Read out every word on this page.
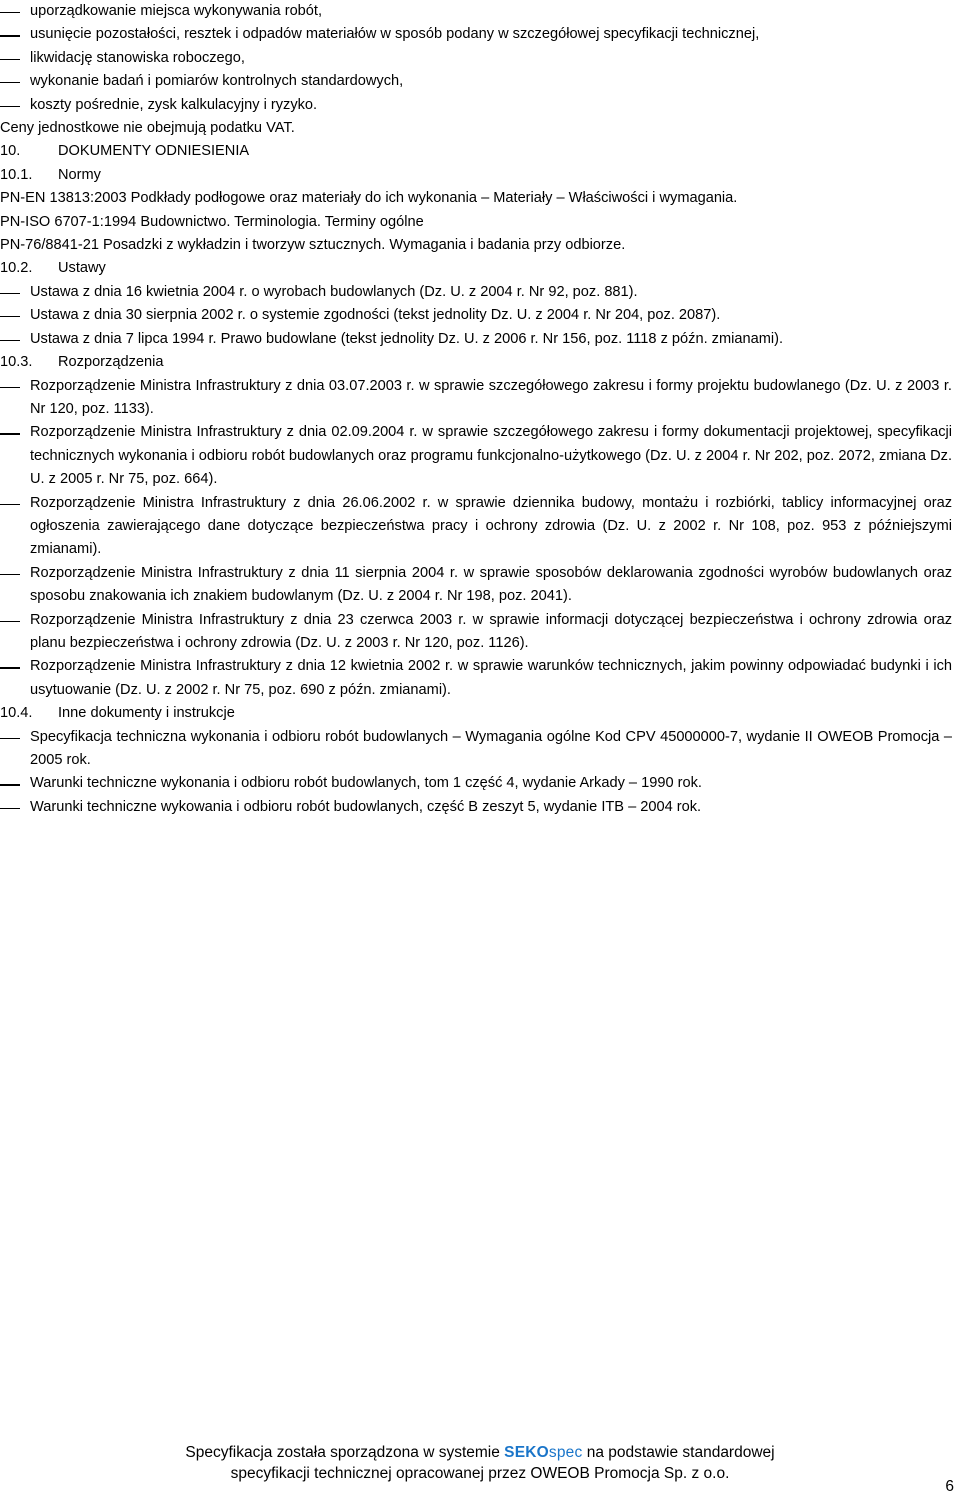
uporządkowanie miejsca wykonywania robót,
usunięcie pozostałości, resztek i odpadów materiałów w sposób podany w szczegółowej specyfikacji technicznej,
likwidację stanowiska roboczego,
wykonanie badań i pomiarów kontrolnych standardowych,
koszty pośrednie, zysk kalkulacyjny i ryzyko.
Ceny jednostkowe nie obejmują podatku VAT.
10.	DOKUMENTY ODNIESIENIA
10.1.	Normy
PN-EN 13813:2003 Podkłady podłogowe oraz materiały do ich wykonania – Materiały – Właściwości i wymagania.
PN-ISO 6707-1:1994 Budownictwo. Terminologia. Terminy ogólne
PN-76/8841-21 Posadzki z wykładzin i tworzyw sztucznych. Wymagania i badania przy odbiorze.
10.2.	Ustawy
Ustawa z dnia 16 kwietnia 2004 r. o wyrobach budowlanych (Dz. U. z 2004 r. Nr 92, poz. 881).
Ustawa z dnia 30 sierpnia 2002 r. o systemie zgodności (tekst jednolity Dz. U. z 2004 r. Nr 204, poz. 2087).
Ustawa z dnia 7 lipca 1994 r. Prawo budowlane (tekst jednolity Dz. U. z 2006 r. Nr 156, poz. 1118 z późn. zmianami).
10.3.	Rozporządzenia
Rozporządzenie Ministra Infrastruktury z dnia 03.07.2003 r. w sprawie szczegółowego zakresu i formy projektu budowlanego (Dz. U. z 2003 r. Nr 120, poz. 1133).
Rozporządzenie Ministra Infrastruktury z dnia 02.09.2004 r. w sprawie szczegółowego zakresu i formy dokumentacji projektowej, specyfikacji technicznych wykonania i odbioru robót budowlanych oraz programu funkcjonalno-użytkowego (Dz. U. z 2004 r. Nr 202, poz. 2072, zmiana Dz. U. z 2005 r. Nr 75, poz. 664).
Rozporządzenie Ministra Infrastruktury z dnia 26.06.2002 r. w sprawie dziennika budowy, montażu i rozbiórki, tablicy informacyjnej oraz ogłoszenia zawierającego dane dotyczące bezpieczeństwa pracy i ochrony zdrowia (Dz. U. z 2002 r. Nr 108, poz. 953 z późniejszymi zmianami).
Rozporządzenie Ministra Infrastruktury z dnia 11 sierpnia 2004 r. w sprawie sposobów deklarowania zgodności wyrobów budowlanych oraz sposobu znakowania ich znakiem budowlanym (Dz. U. z 2004 r. Nr 198, poz. 2041).
Rozporządzenie Ministra Infrastruktury z dnia 23 czerwca 2003 r. w sprawie informacji dotyczącej bezpieczeństwa i ochrony zdrowia oraz planu bezpieczeństwa i ochrony zdrowia (Dz. U. z 2003 r. Nr 120, poz. 1126).
Rozporządzenie Ministra Infrastruktury z dnia 12 kwietnia 2002 r. w sprawie warunków technicznych, jakim powinny odpowiadać budynki i ich usytuowanie (Dz. U. z 2002 r. Nr 75, poz. 690 z późn. zmianami).
10.4.	Inne dokumenty i instrukcje
Specyfikacja techniczna wykonania i odbioru robót budowlanych – Wymagania ogólne Kod CPV 45000000-7, wydanie II OWEOB Promocja – 2005 rok.
Warunki techniczne wykonania i odbioru robót budowlanych, tom 1 część 4, wydanie Arkady – 1990 rok.
Warunki techniczne wykowania i odbioru robót budowlanych, część B zeszyt 5, wydanie ITB – 2004 rok.
Specyfikacja została sporządzona w systemie SEKOspec na podstawie standardowej
specyfikacji technicznej opracowanej przez OWEOB Promocja Sp. z o.o.
6
